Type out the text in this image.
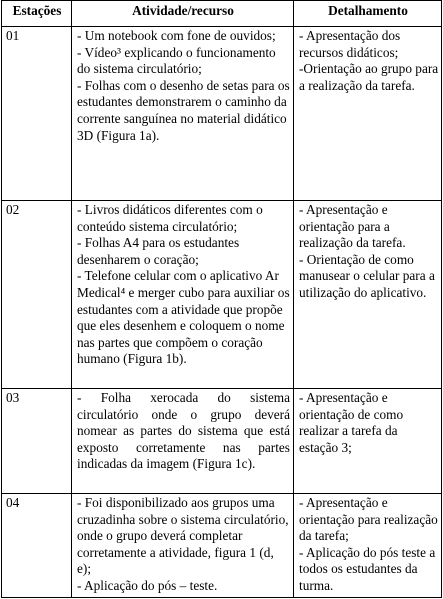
Estações	Atividade/recurso	Detalhamento
01	- Um notebook com fone de ouvidos;
- Vídeo³ explicando o funcionamento do sistema circulatório;
- Folhas com o desenho de setas para os estudantes demonstrarem o caminho da corrente sanguínea no material didático 3D (Figura 1a).	- Apresentação dos recursos didáticos;
-Orientação ao grupo para a realização da tarefa.

02	- Livros didáticos diferentes com o conteúdo sistema circulatório;
- Folhas A4 para os estudantes desenharem o coração;
- Telefone celular com o aplicativo Ar Medical⁴ e merger cubo para auxiliar os estudantes com a atividade que propõe que eles desenhem e coloquem o nome nas partes que compõem o coração humano (Figura 1b).	- Apresentação e orientação para a realização da tarefa.
- Orientação de como manusear o celular para a utilização do aplicativo.

03	- Folha xerocada do sistema circulatório onde o grupo deverá nomear as partes do sistema que está exposto corretamente nas partes indicadas da imagem (Figura 1c).	- Apresentação e orientação de como realizar a tarefa da estação 3;

04	- Foi disponibilizado aos grupos uma cruzadinha sobre o sistema circulatório, onde o grupo deverá completar corretamente a atividade, figura 1 (d, e);
- Aplicação do pós – teste.	- Apresentação e orientação para realização da tarefa;
- Aplicação do pós teste a todos os estudantes da turma.
